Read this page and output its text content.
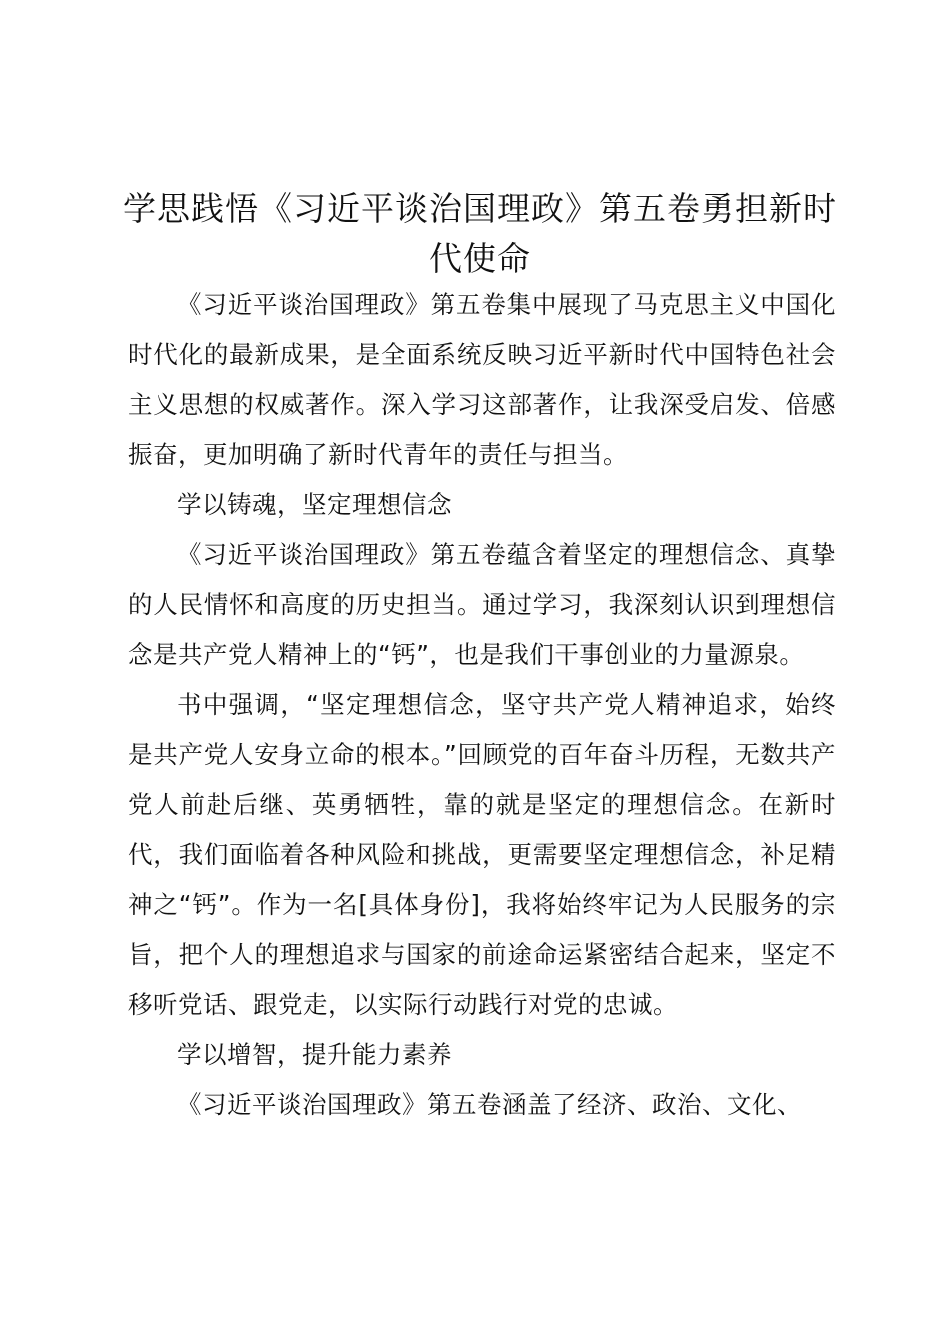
学思践悟《习近平谈治国理政》第五卷勇担新时代使命

《习近平谈治国理政》第五卷集中展现了马克思主义中国化时代化的最新成果，是全面系统反映习近平新时代中国特色社会主义思想的权威著作。深入学习这部著作，让我深受启发、倍感振奋，更加明确了新时代青年的责任与担当。

学以铸魂，坚定理想信念

《习近平谈治国理政》第五卷蕴含着坚定的理想信念、真挚的人民情怀和高度的历史担当。通过学习，我深刻认识到理想信念是共产党人精神上的“钙”，也是我们干事创业的力量源泉。

书中强调，“坚定理想信念，坚守共产党人精神追求，始终是共产党人安身立命的根本。”回顾党的百年奋斗历程，无数共产党人前赴后继、英勇牺牲，靠的就是坚定的理想信念。在新时代，我们面临着各种风险和挑战，更需要坚定理想信念，补足精神之“钙”。作为一名[具体身份]，我将始终牢记为人民服务的宗旨，把个人的理想追求与国家的前途命运紧密结合起来，坚定不移听党话、跟党走，以实际行动践行对党的忠诚。

学以增智，提升能力素养

《习近平谈治国理政》第五卷涵盖了经济、政治、文化、
